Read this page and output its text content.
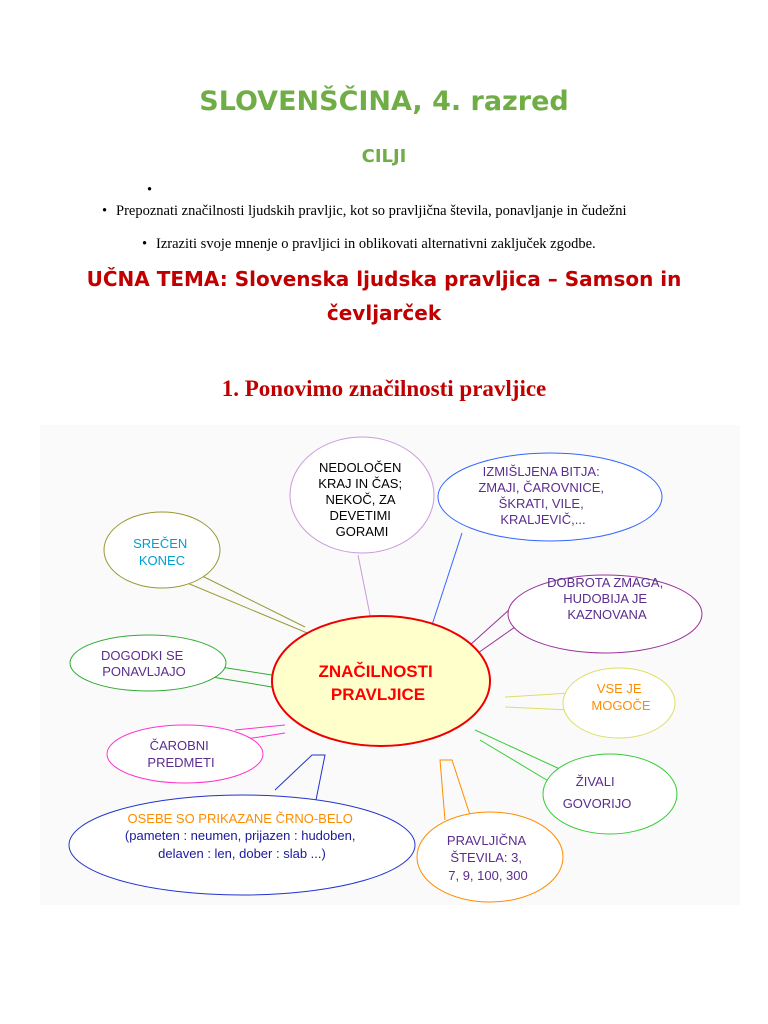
SLOVENŠČINA, 4. razred
CILJI
•
• Prepoznati značilnosti ljudskih pravljic, kot so pravljična števila, ponavljanje in čudežni
• Izraziti svoje mnenje o pravljici in oblikovati alternativni zaključek zgodbe.
UČNA TEMA: Slovenska ljudska pravljica – Samson in
čevljarček
1. Ponovimo značilnosti pravljice
NEDOLOČEN KRAJ IN ČAS; NEKOČ, ZA DEVETIMI GORAMI
IZMIŠLJENA BITJA: ZMAJI, ČAROVNICE, ŠKRATI, VILE, KRALJEVIČ,...
SREČEN KONEC
DOBROTA ZMAGA, HUDOBIJA JE KAZNOVANA
DOGODKI SE PONAVLJAJO
VSE JE MOGOČE
ČAROBNI PREDMETI
ŽIVALI GOVORIJO
OSEBE SO PRIKAZANE ČRNO-BELO (pameten : neumen, prijazen : hudoben, delaven : len, dober : slab ...)
PRAVLJIČNA ŠTEVILA: 3, 7, 9, 100, 300
ZNAČILNOSTI PRAVLJICE
